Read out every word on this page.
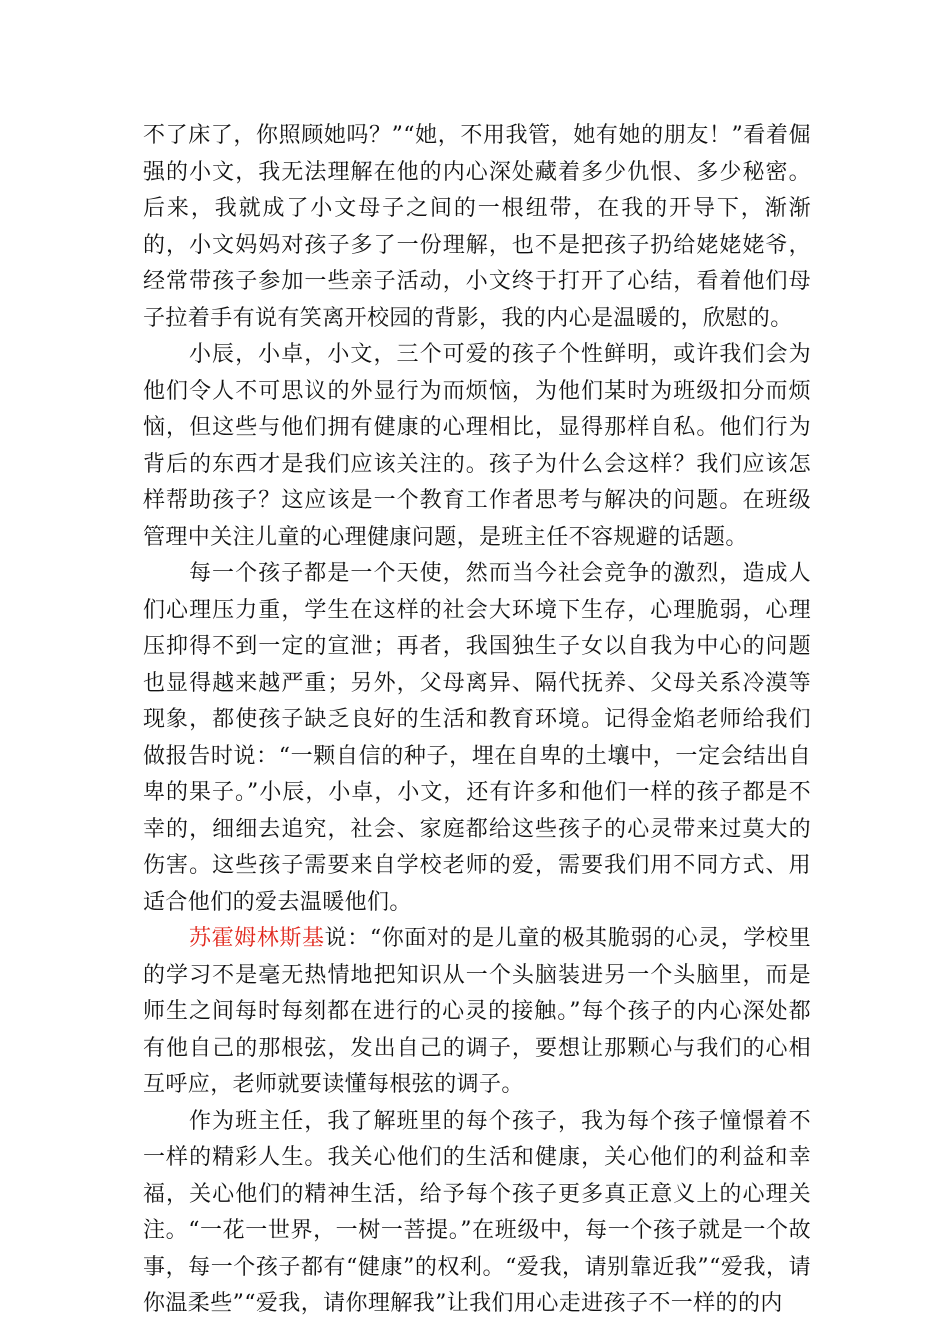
不了床了，你照顾她吗？”“她，不用我管，她有她的朋友！”看着倔强的小文，我无法理解在他的内心深处藏着多少仇恨、多少秘密。后来，我就成了小文母子之间的一根纽带，在我的开导下，渐渐的，小文妈妈对孩子多了一份理解，也不是把孩子扔给姥姥姥爷，经常带孩子参加一些亲子活动，小文终于打开了心结，看着他们母子拉着手有说有笑离开校园的背影，我的内心是温暖的，欣慰的。

小辰，小卓，小文，三个可爱的孩子个性鲜明，或许我们会为他们令人不可思议的外显行为而烦恼，为他们某时为班级扣分而烦恼，但这些与他们拥有健康的心理相比，显得那样自私。他们行为背后的东西才是我们应该关注的。孩子为什么会这样？我们应该怎样帮助孩子？这应该是一个教育工作者思考与解决的问题。在班级管理中关注儿童的心理健康问题，是班主任不容规避的话题。

每一个孩子都是一个天使，然而当今社会竞争的激烈，造成人们心理压力重，学生在这样的社会大环境下生存，心理脆弱，心理压抑得不到一定的宣泄；再者，我国独生子女以自我为中心的问题也显得越来越严重；另外，父母离异、隔代抚养、父母关系冷漠等现象，都使孩子缺乏良好的生活和教育环境。记得金焰老师给我们做报告时说：“一颗自信的种子，埋在自卑的土壤中，一定会结出自卑的果子。”小辰，小卓，小文，还有许多和他们一样的孩子都是不幸的，细细去追究，社会、家庭都给这些孩子的心灵带来过莫大的伤害。这些孩子需要来自学校老师的爱，需要我们用不同方式、用适合他们的爱去温暖他们。

苏霍姆林斯基说：“你面对的是儿童的极其脆弱的心灵，学校里的学习不是毫无热情地把知识从一个头脑装进另一个头脑里，而是师生之间每时每刻都在进行的心灵的接触。”每个孩子的内心深处都有他自己的那根弦，发出自己的调子，要想让那颗心与我们的心相互呼应，老师就要读懂每根弦的调子。

作为班主任，我了解班里的每个孩子，我为每个孩子憧憬着不一样的精彩人生。我关心他们的生活和健康，关心他们的利益和幸福，关心他们的精神生活，给予每个孩子更多真正意义上的心理关注。“一花一世界，一树一菩提。”在班级中，每一个孩子就是一个故事，每一个孩子都有“健康”的权利。“爱我，请别靠近我”“爱我，请你温柔些”“爱我，请你理解我”让我们用心走进孩子不一样的的内
